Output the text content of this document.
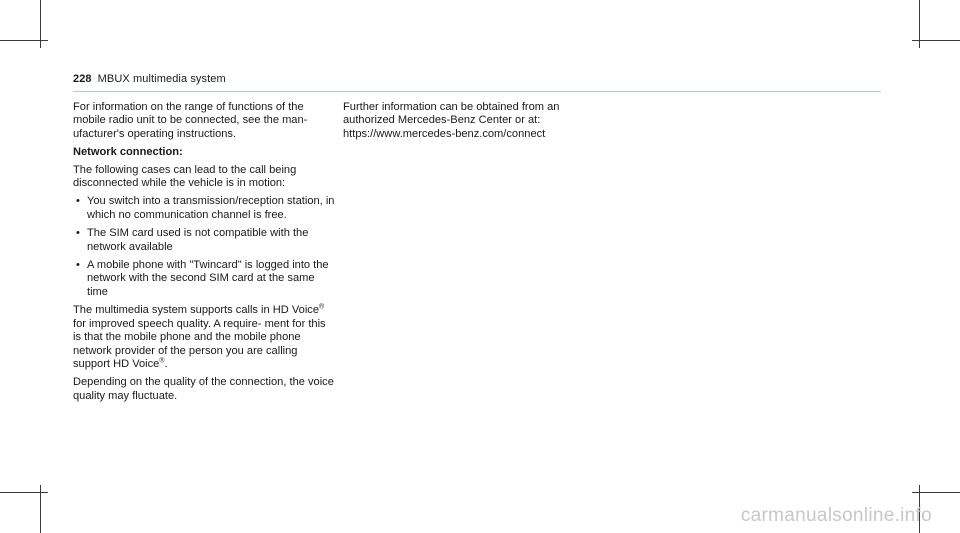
228 MBUX multimedia system

For information on the range of functions of the mobile radio unit to be connected, see the man- ufacturer's operating instructions.

Network connection:

The following cases can lead to the call being disconnected while the vehicle is in motion:

• You switch into a transmission/reception station, in which no communication channel is free.
• The SIM card used is not compatible with the network available
• A mobile phone with "Twincard" is logged into the network with the second SIM card at the same time

The multimedia system supports calls in HD Voice® for improved speech quality. A require- ment for this is that the mobile phone and the mobile phone network provider of the person you are calling support HD Voice®.

Depending on the quality of the connection, the voice quality may fluctuate.

Further information can be obtained from an authorized Mercedes-Benz Center or at:
https://www.mercedes-benz.com/connect

carmanualsonline.info
